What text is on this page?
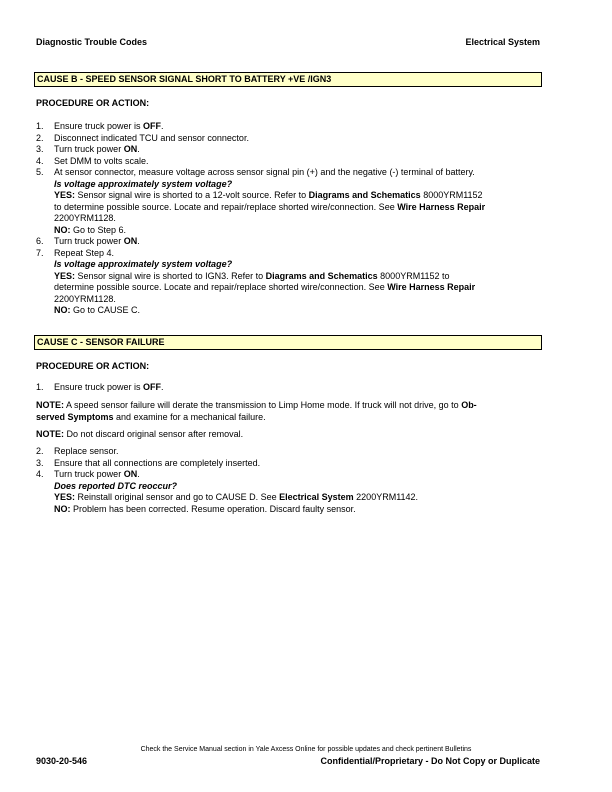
Diagnostic Trouble Codes	Electrical System
CAUSE B - SPEED SENSOR SIGNAL SHORT TO BATTERY +VE /IGN3
PROCEDURE OR ACTION:
1.	Ensure truck power is OFF.
2.	Disconnect indicated TCU and sensor connector.
3.	Turn truck power ON.
4.	Set DMM to volts scale.
5.	At sensor connector, measure voltage across sensor signal pin (+) and the negative (-) terminal of battery.
Is voltage approximately system voltage?
YES: Sensor signal wire is shorted to a 12-volt source. Refer to Diagrams and Schematics 8000YRM1152
to determine possible source. Locate and repair/replace shorted wire/connection. See Wire Harness Repair
2200YRM1128.
NO: Go to Step 6.
6.	Turn truck power ON.
7.	Repeat Step 4.
Is voltage approximately system voltage?
YES: Sensor signal wire is shorted to IGN3. Refer to Diagrams and Schematics 8000YRM1152 to
determine possible source. Locate and repair/replace shorted wire/connection. See Wire Harness Repair
2200YRM1128.
NO: Go to CAUSE C.
CAUSE C - SENSOR FAILURE
PROCEDURE OR ACTION:
1.	Ensure truck power is OFF.
NOTE: A speed sensor failure will derate the transmission to Limp Home mode. If truck will not drive, go to Ob-
served Symptoms and examine for a mechanical failure.
NOTE: Do not discard original sensor after removal.
2.	Replace sensor.
3.	Ensure that all connections are completely inserted.
4.	Turn truck power ON.
Does reported DTC reoccur?
YES: Reinstall original sensor and go to CAUSE D. See Electrical System 2200YRM1142.
NO: Problem has been corrected. Resume operation. Discard faulty sensor.
Check the Service Manual section in Yale Axcess Online for possible updates and check pertinent Bulletins
9030-20-546	Confidential/Proprietary - Do Not Copy or Duplicate
